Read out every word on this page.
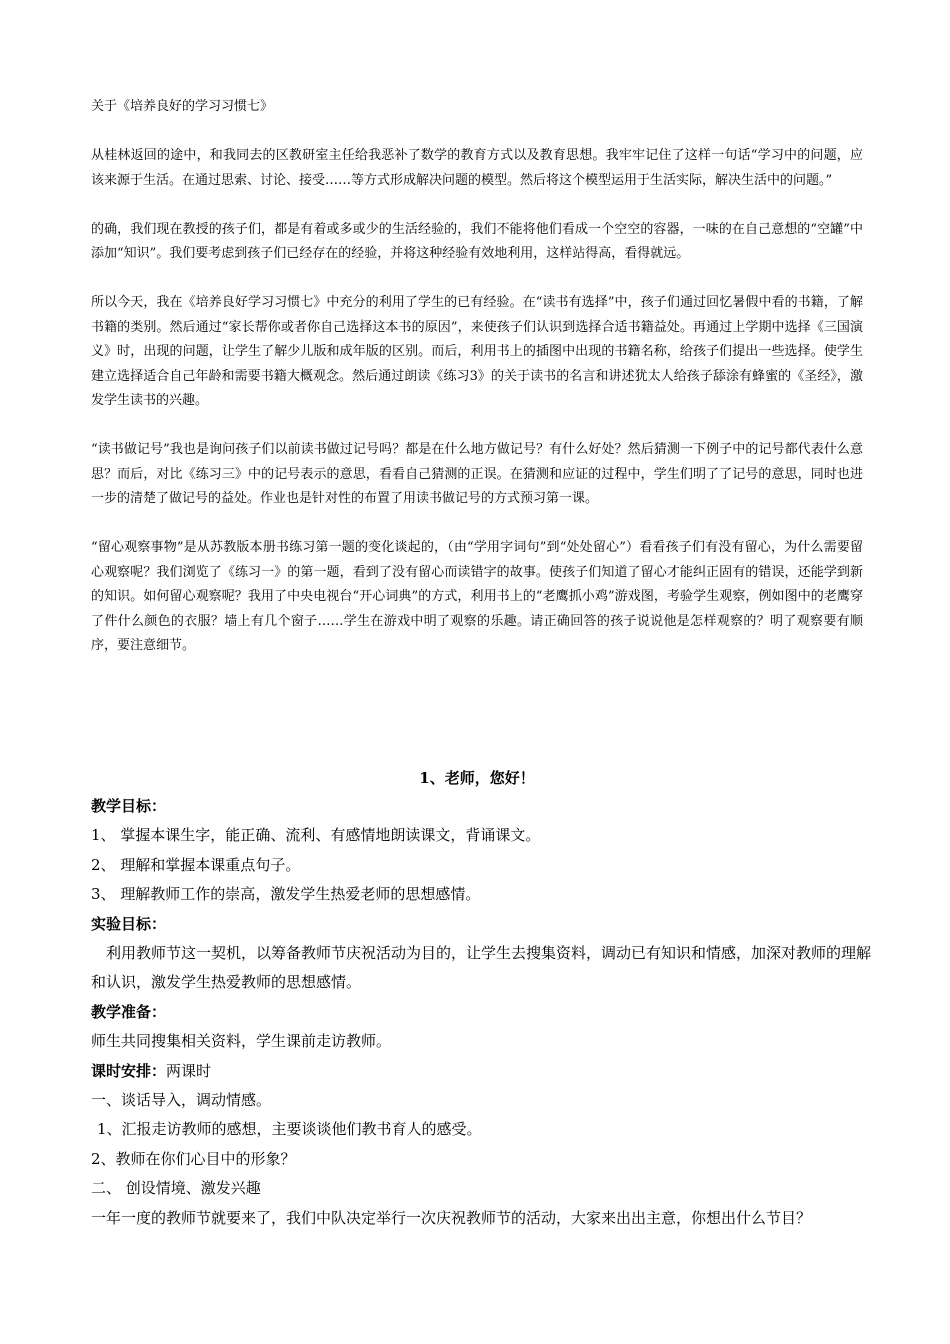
关于《培养良好的学习习惯七》

从桂林返回的途中，和我同去的区教研室主任给我恶补了数学的教育方式以及教育思想。我牢牢记住了这样一句话“学习中的问题，应该来源于生活。在通过思索、讨论、接受……等方式形成解决问题的模型。然后将这个模型运用于生活实际，解决生活中的问题。”

的确，我们现在教授的孩子们，都是有着或多或少的生活经验的，我们不能将他们看成一个空空的容器，一味的在自己意想的“空罐”中添加“知识”。我们要考虑到孩子们已经存在的经验，并将这种经验有效地利用，这样站得高，看得就远。

所以今天，我在《培养良好学习习惯七》中充分的利用了学生的已有经验。在“读书有选择”中，孩子们通过回忆暑假中看的书籍，了解书籍的类别。然后通过“家长帮你或者你自己选择这本书的原因”，来使孩子们认识到选择合适书籍益处。再通过上学期中选择《三国演义》时，出现的问题，让学生了解少儿版和成年版的区别。而后，利用书上的插图中出现的书籍名称，给孩子们提出一些选择。使学生建立选择适合自己年龄和需要书籍大概观念。然后通过朗读《练习3》的关于读书的名言和讲述犹太人给孩子舔涂有蜂蜜的《圣经》，激发学生读书的兴趣。

“读书做记号”我也是询问孩子们以前读书做过记号吗？都是在什么地方做记号？有什么好处？然后猜测一下例子中的记号都代表什么意思？而后，对比《练习三》中的记号表示的意思，看看自己猜测的正误。在猜测和应证的过程中，学生们明了了记号的意思，同时也进一步的清楚了做记号的益处。作业也是针对性的布置了用读书做记号的方式预习第一课。

“留心观察事物”是从苏教版本册书练习第一题的变化谈起的，（由“学用字词句”到“处处留心”）看看孩子们有没有留心，为什么需要留心观察呢？我们浏览了《练习一》的第一题，看到了没有留心而读错字的故事。使孩子们知道了留心才能纠正固有的错误，还能学到新的知识。如何留心观察呢？我用了中央电视台“开心词典”的方式，利用书上的“老鹰抓小鸡”游戏图，考验学生观察，例如图中的老鹰穿了件什么颜色的衣服？墙上有几个窗子……学生在游戏中明了观察的乐趣。请正确回答的孩子说说他是怎样观察的？明了观察要有顺序，要注意细节。

1、老师，您好！

教学目标：

1、 掌握本课生字，能正确、流利、有感情地朗读课文，背诵课文。

2、 理解和掌握本课重点句子。

3、 理解教师工作的崇高，激发学生热爱老师的思想感情。

实验目标：

利用教师节这一契机，以筹备教师节庆祝活动为目的，让学生去搜集资料，调动已有知识和情感，加深对教师的理解和认识，激发学生热爱教师的思想感情。

教学准备：

师生共同搜集相关资料，学生课前走访教师。

课时安排：两课时

一、谈话导入，调动情感。

1、汇报走访教师的感想，主要谈谈他们教书育人的感受。

2、教师在你们心目中的形象？

二、 创设情境、激发兴趣

一年一度的教师节就要来了，我们中队决定举行一次庆祝教师节的活动，大家来出出主意，你想出什么节目？
